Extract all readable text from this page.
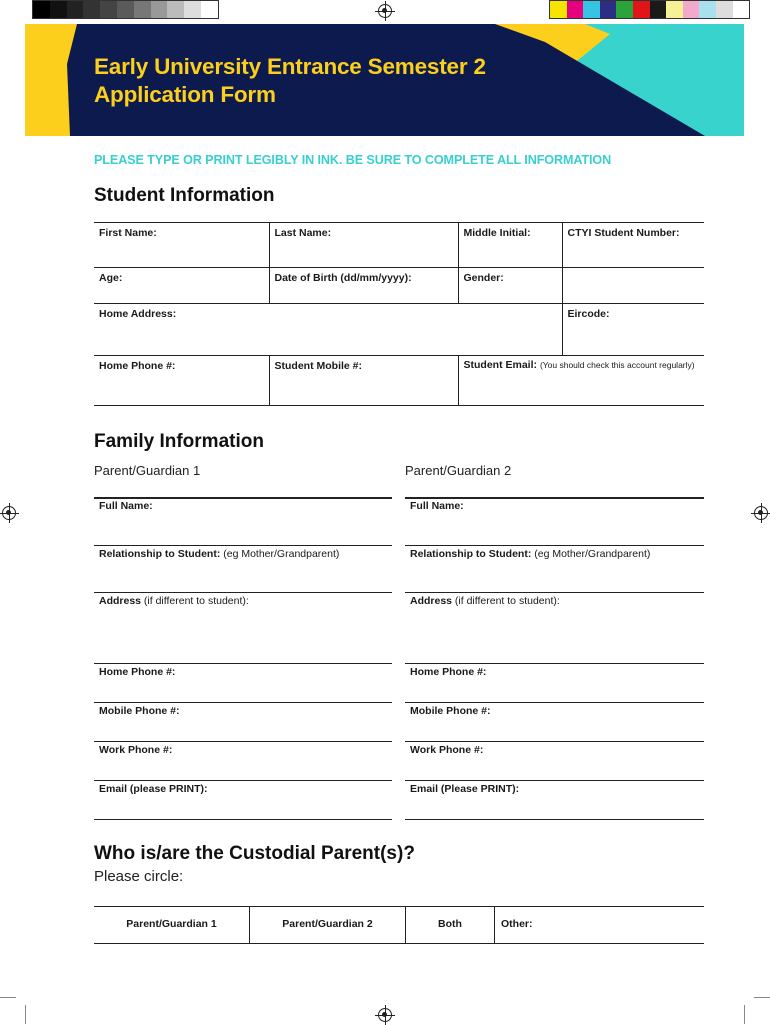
Early University Entrance Semester 2
Application Form
PLEASE TYPE OR PRINT LEGIBLY IN INK. BE SURE TO COMPLETE ALL INFORMATION
Student Information
First Name:	Last Name:	Middle Initial:	CTYI Student Number:
Age:	Date of Birth (dd/mm/yyyy):	Gender:	
Home Address:			Eircode:
Home Phone #:	Student Mobile #:	Student Email: (You should check this account regularly)	
Family Information
Parent/Guardian 1	Parent/Guardian 2
Full Name:
Relationship to Student: (eg Mother/Grandparent)
Address (if different to student):
Home Phone #:
Mobile Phone #:
Work Phone #:
Email (please PRINT):
Full Name:
Relationship to Student: (eg Mother/Grandparent)
Address (if different to student):
Home Phone #:
Mobile Phone #:
Work Phone #:
Email (Please PRINT):
Who is/are the Custodial Parent(s)?
Please circle:
Parent/Guardian 1	Parent/Guardian 2	Both	Other:
